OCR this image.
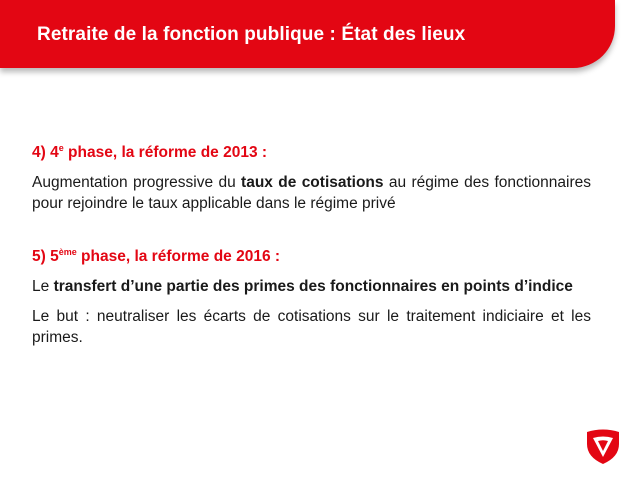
Retraite de la fonction publique : État des lieux

4) 4e phase, la réforme de 2013 :

Augmentation progressive du taux de cotisations au régime des fonctionnaires pour rejoindre le taux applicable dans le régime privé

5) 5ème phase, la réforme de 2016 :

Le transfert d’une partie des primes des fonctionnaires en points d’indice

Le but : neutraliser les écarts de cotisations sur le traitement indiciaire et les primes.
